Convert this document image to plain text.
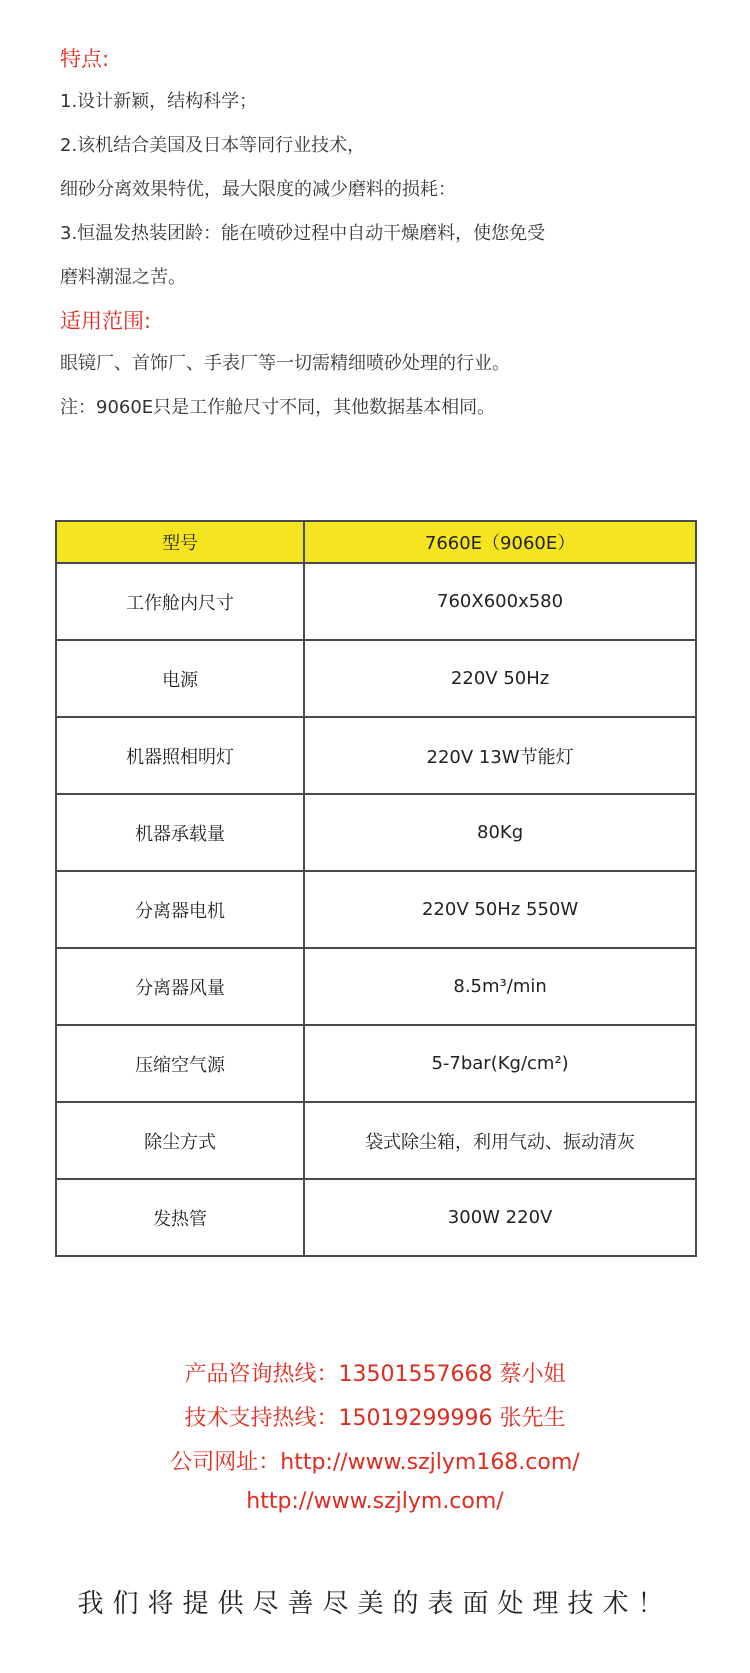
特点:
1.设计新颖，结构科学；
2.该机结合美国及日本等同行业技术，
细砂分离效果特优，最大限度的减少磨料的损耗：
3.恒温发热装团龄：能在喷砂过程中自动干燥磨料，使您免受
磨料潮湿之苦。
适用范围:
眼镜厂、首饰厂、手表厂等一切需精细喷砂处理的行业。
注：9060E只是工作舱尺寸不同，其他数据基本相同。
型号	7660E（9060E）
工作舱内尺寸	760X600x580
电源	220V 50Hz
机器照相明灯	220V 13W节能灯
机器承载量	80Kg
分离器电机	220V 50Hz 550W
分离器风量	8.5m³/min
压缩空气源	5-7bar(Kg/cm²)
除尘方式	袋式除尘箱，利用气动、振动清灰
发热管	300W 220V
产品咨询热线：13501557668 蔡小姐
技术支持热线：15019299996 张先生
公司网址：http://www.szjlym168.com/
http://www.szjlym.com/
我们将提供尽善尽美的表面处理技术！
